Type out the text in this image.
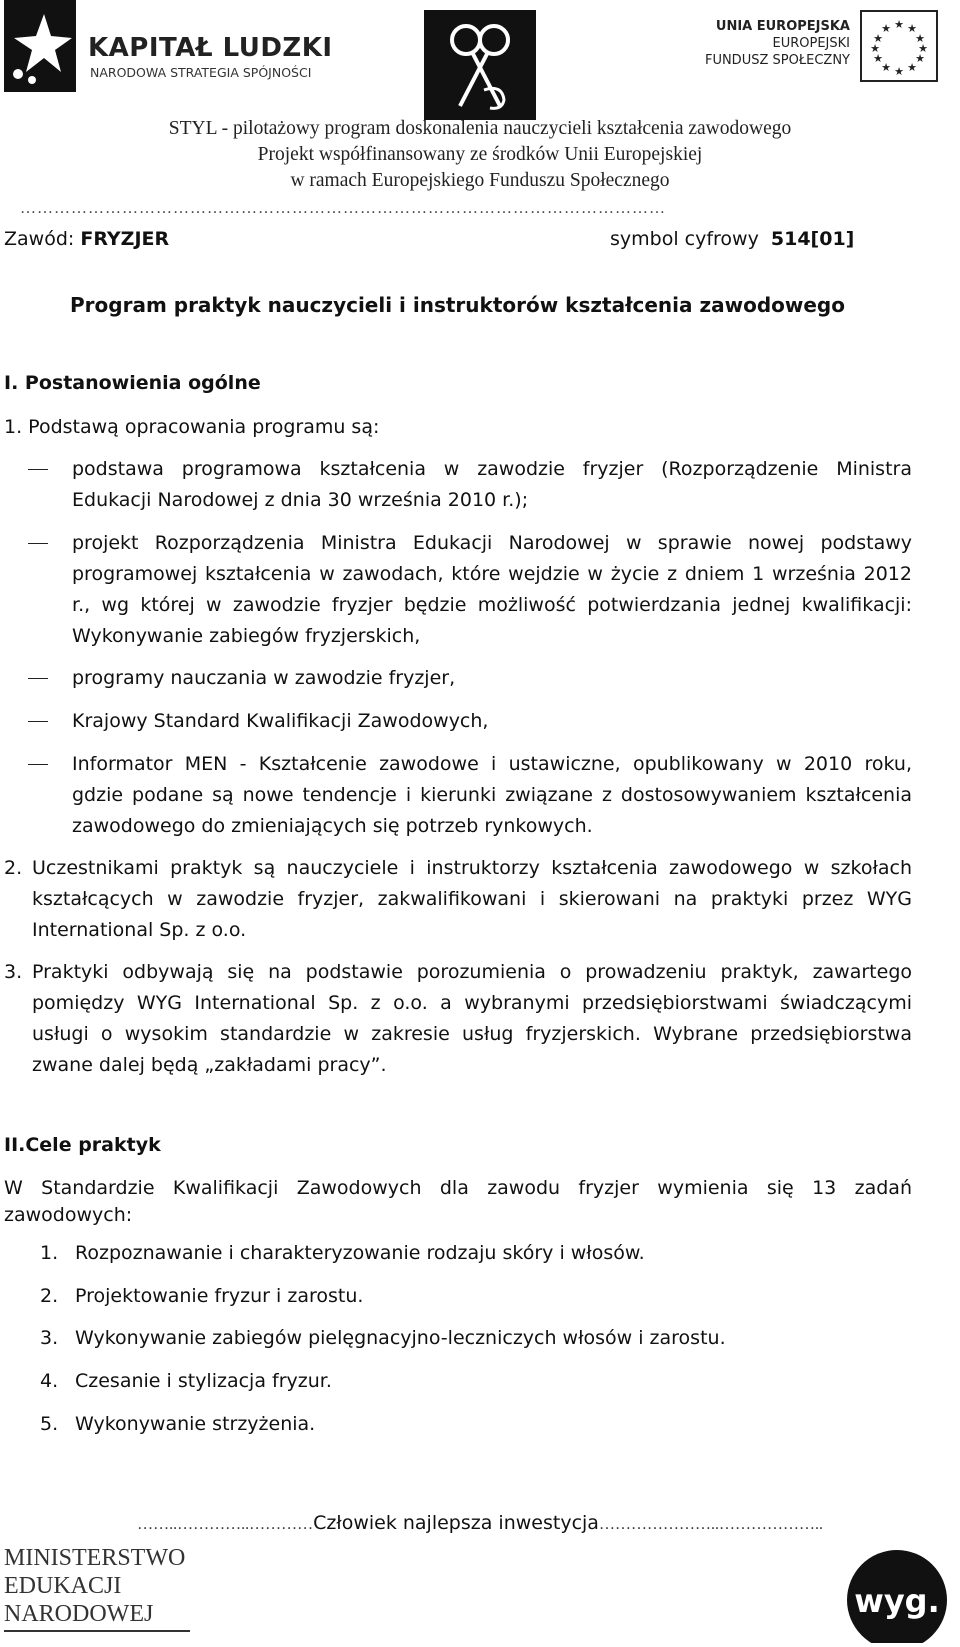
KAPITAŁ LUDZKI
NARODOWA STRATEGIA SPÓJNOŚCI
UNIA EUROPEJSKA
EUROPEJSKI
FUNDUSZ SPOŁECZNY
★ ★
★
★
★
★
★
★
★
★
★
★
STYL - pilotażowy program doskonalenia nauczycieli kształcenia zawodowego
Projekt współfinansowany ze środków Unii Europejskiej
w ramach Europejskiego Funduszu Społecznego
……………………………………………………………………………………………………
Zawód: FRYZJER	symbol cyfrowy 514[01]
Program praktyk nauczycieli i instruktorów kształcenia zawodowego
I. Postanowienia ogólne
1. Podstawą opracowania programu są:
podstawa programowa kształcenia w zawodzie fryzjer (Rozporządzenie Ministra
Edukacji Narodowej z dnia 30 września 2010 r.);
projekt Rozporządzenia Ministra Edukacji Narodowej w sprawie nowej podstawy
programowej kształcenia w zawodach, które wejdzie w życie z dniem 1 września 2012
r., wg której w zawodzie fryzjer będzie możliwość potwierdzania jednej kwalifikacji:
Wykonywanie zabiegów fryzjerskich,
programy nauczania w zawodzie fryzjer,
Krajowy Standard Kwalifikacji Zawodowych,
Informator MEN - Kształcenie zawodowe i ustawiczne, opublikowany w 2010 roku,
gdzie podane są nowe tendencje i kierunki związane z dostosowywaniem kształcenia
zawodowego do zmieniających się potrzeb rynkowych.
2. Uczestnikami praktyk są nauczyciele i instruktorzy kształcenia zawodowego w szkołach
kształcących w zawodzie fryzjer, zakwalifikowani i skierowani na praktyki przez WYG
International Sp. z o.o.
3. Praktyki odbywają się na podstawie porozumienia o prowadzeniu praktyk, zawartego
pomiędzy WYG International Sp. z o.o. a wybranymi przedsiębiorstwami świadczącymi
usługi o wysokim standardzie w zakresie usług fryzjerskich. Wybrane przedsiębiorstwa
zwane dalej będą „zakładami pracy”.
II.Cele praktyk
W Standardzie Kwalifikacji Zawodowych dla zawodu fryzjer wymienia się 13 zadań
zawodowych:
1. Rozpoznawanie i charakteryzowanie rodzaju skóry i włosów.
2. Projektowanie fryzur i zarostu.
3. Wykonywanie zabiegów pielęgnacyjno-leczniczych włosów i zarostu.
4. Czesanie i stylizacja fryzur.
5. Wykonywanie strzyżenia.
……..…………..…………Człowiek najlepsza inwestycja…………………..………………..
MINISTERSTWO
EDUKACJI
NARODOWEJ	wyg.
